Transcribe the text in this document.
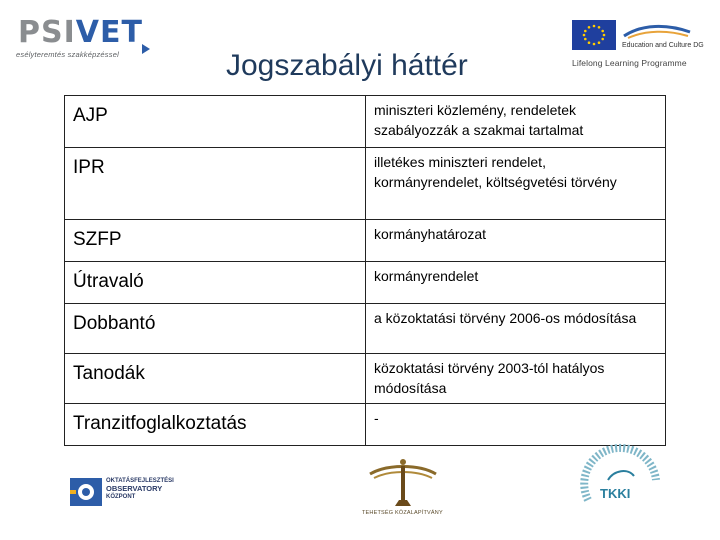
PSIVET
esélyteremtés szakképzéssel	Jogszabályi háttér
Education and Culture DG
Lifelong Learning Programme
AJP	miniszteri közlemény, rendeletek szabályozzák a szakmai tartalmat
IPR	illetékes miniszteri rendelet, kormányrendelet, költségvetési törvény
SZFP	kormányhatározat
Útravaló	kormányrendelet
Dobbantó	a közoktatási törvény 2006-os módosítása
Tanodák	közoktatási törvény 2003-tól hatályos módosítása
Tranzitfoglalkoztatás	-
OKTATÁSFEJLESZTÉSI
OBSERVATORY
KÖZPONT
TEHETSÉG KÖZALAPÍTVÁNY
TKKI
